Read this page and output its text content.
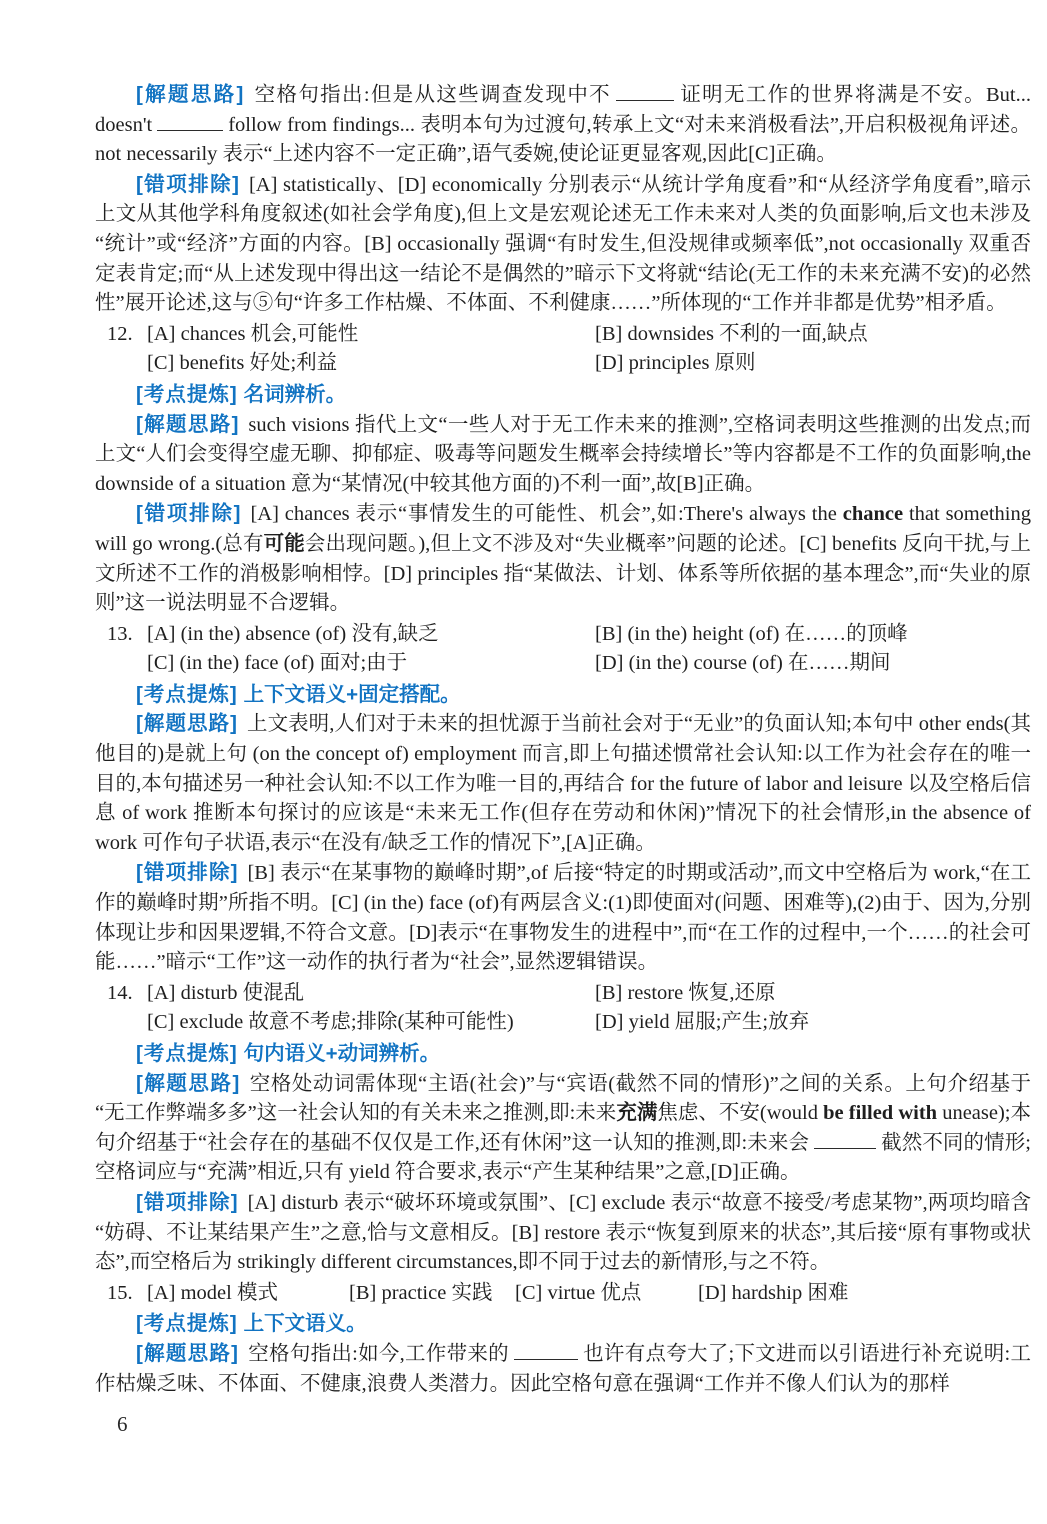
[解题思路] 空格句指出:但是从这些调查发现中不	证明无工作的世界将满是不安。But... doesn't	follow from findings... 表明本句为过渡句,转承上文“对未来消极看法”,开启积极视角评述。not necessarily 表示“上述内容不一定正确”,语气委婉,使论证更显客观,因此[C]正确。
[错项排除] [A] statistically、[D] economically 分别表示“从统计学角度看”和“从经济学角度看”,暗示上文从其他学科角度叙述(如社会学角度),但上文是宏观论述无工作未来对人类的负面影响,后文也未涉及“统计”或“经济”方面的内容。[B] occasionally 强调“有时发生,但没规律或频率低”,not occasionally 双重否定表肯定;而“从上述发现中得出这一结论不是偶然的”暗示下文将就“结论(无工作的未来充满不安)的必然性”展开论述,这与⑤句“许多工作枯燥、不体面、不利健康……”所体现的“工作并非都是优势”相矛盾。
12. [A] chances 机会,可能性	[B] downsides 不利的一面,缺点
[C] benefits 好处;利益	[D] principles 原则
[考点提炼] 名词辨析。
[解题思路] such visions 指代上文“一些人对于无工作未来的推测”,空格词表明这些推测的出发点;而上文“人们会变得空虚无聊、抑郁症、吸毒等问题发生概率会持续增长”等内容都是不工作的负面影响,the downside of a situation 意为“某情况(中较其他方面的)不利一面”,故[B]正确。
[错项排除] [A] chances 表示“事情发生的可能性、机会”,如:There's always the chance that something will go wrong.(总有可能会出现问题。),但上文不涉及对“失业概率”问题的论述。[C] benefits 反向干扰,与上文所述不工作的消极影响相悖。[D] principles 指“某做法、计划、体系等所依据的基本理念”,而“失业的原则”这一说法明显不合逻辑。
13. [A] (in the) absence (of) 没有,缺乏	[B] (in the) height (of) 在……的顶峰
[C] (in the) face (of) 面对;由于	[D] (in the) course (of) 在……期间
[考点提炼] 上下文语义+固定搭配。
[解题思路] 上文表明,人们对于未来的担忧源于当前社会对于“无业”的负面认知;本句中 other ends(其他目的)是就上句 (on the concept of) employment 而言,即上句描述惯常社会认知:以工作为社会存在的唯一目的,本句描述另一种社会认知:不以工作为唯一目的,再结合 for the future of labor and leisure 以及空格后信息 of work 推断本句探讨的应该是“未来无工作(但存在劳动和休闲)”情况下的社会情形,in the absence of work 可作句子状语,表示“在没有/缺乏工作的情况下”,[A]正确。
[错项排除] [B] 表示“在某事物的巅峰时期”,of 后接“特定的时期或活动”,而文中空格后为 work,“在工作的巅峰时期”所指不明。[C] (in the) face (of)有两层含义:(1)即使面对(问题、困难等),(2)由于、因为,分别体现让步和因果逻辑,不符合文意。[D]表示“在事物发生的进程中”,而“在工作的过程中,一个……的社会可能……”暗示“工作”这一动作的执行者为“社会”,显然逻辑错误。
14. [A] disturb 使混乱	[B] restore 恢复,还原
[C] exclude 故意不考虑;排除(某种可能性)	[D] yield 屈服;产生;放弃
[考点提炼] 句内语义+动词辨析。
[解题思路] 空格处动词需体现“主语(社会)”与“宾语(截然不同的情形)”之间的关系。上句介绍基于“无工作弊端多多”这一社会认知的有关未来之推测,即:未来充满焦虑、不安(would be filled with unease);本句介绍基于“社会存在的基础不仅仅是工作,还有休闲”这一认知的推测,即:未来会	截然不同的情形;空格词应与“充满”相近,只有 yield 符合要求,表示“产生某种结果”之意,[D]正确。
[错项排除] [A] disturb 表示“破坏环境或氛围”、[C] exclude 表示“故意不接受/考虑某物”,两项均暗含“妨碍、不让某结果产生”之意,恰与文意相反。[B] restore 表示“恢复到原来的状态”,其后接“原有事物或状态”,而空格后为 strikingly different circumstances,即不同于过去的新情形,与之不符。
15. [A] model 模式	[B] practice 实践	[C] virtue 优点	[D] hardship 困难
[考点提炼] 上下文语义。
[解题思路] 空格句指出:如今,工作带来的	也许有点夸大了;下文进而以引语进行补充说明:工作枯燥乏味、不体面、不健康,浪费人类潜力。因此空格句意在强调“工作并不像人们认为的那样
6
